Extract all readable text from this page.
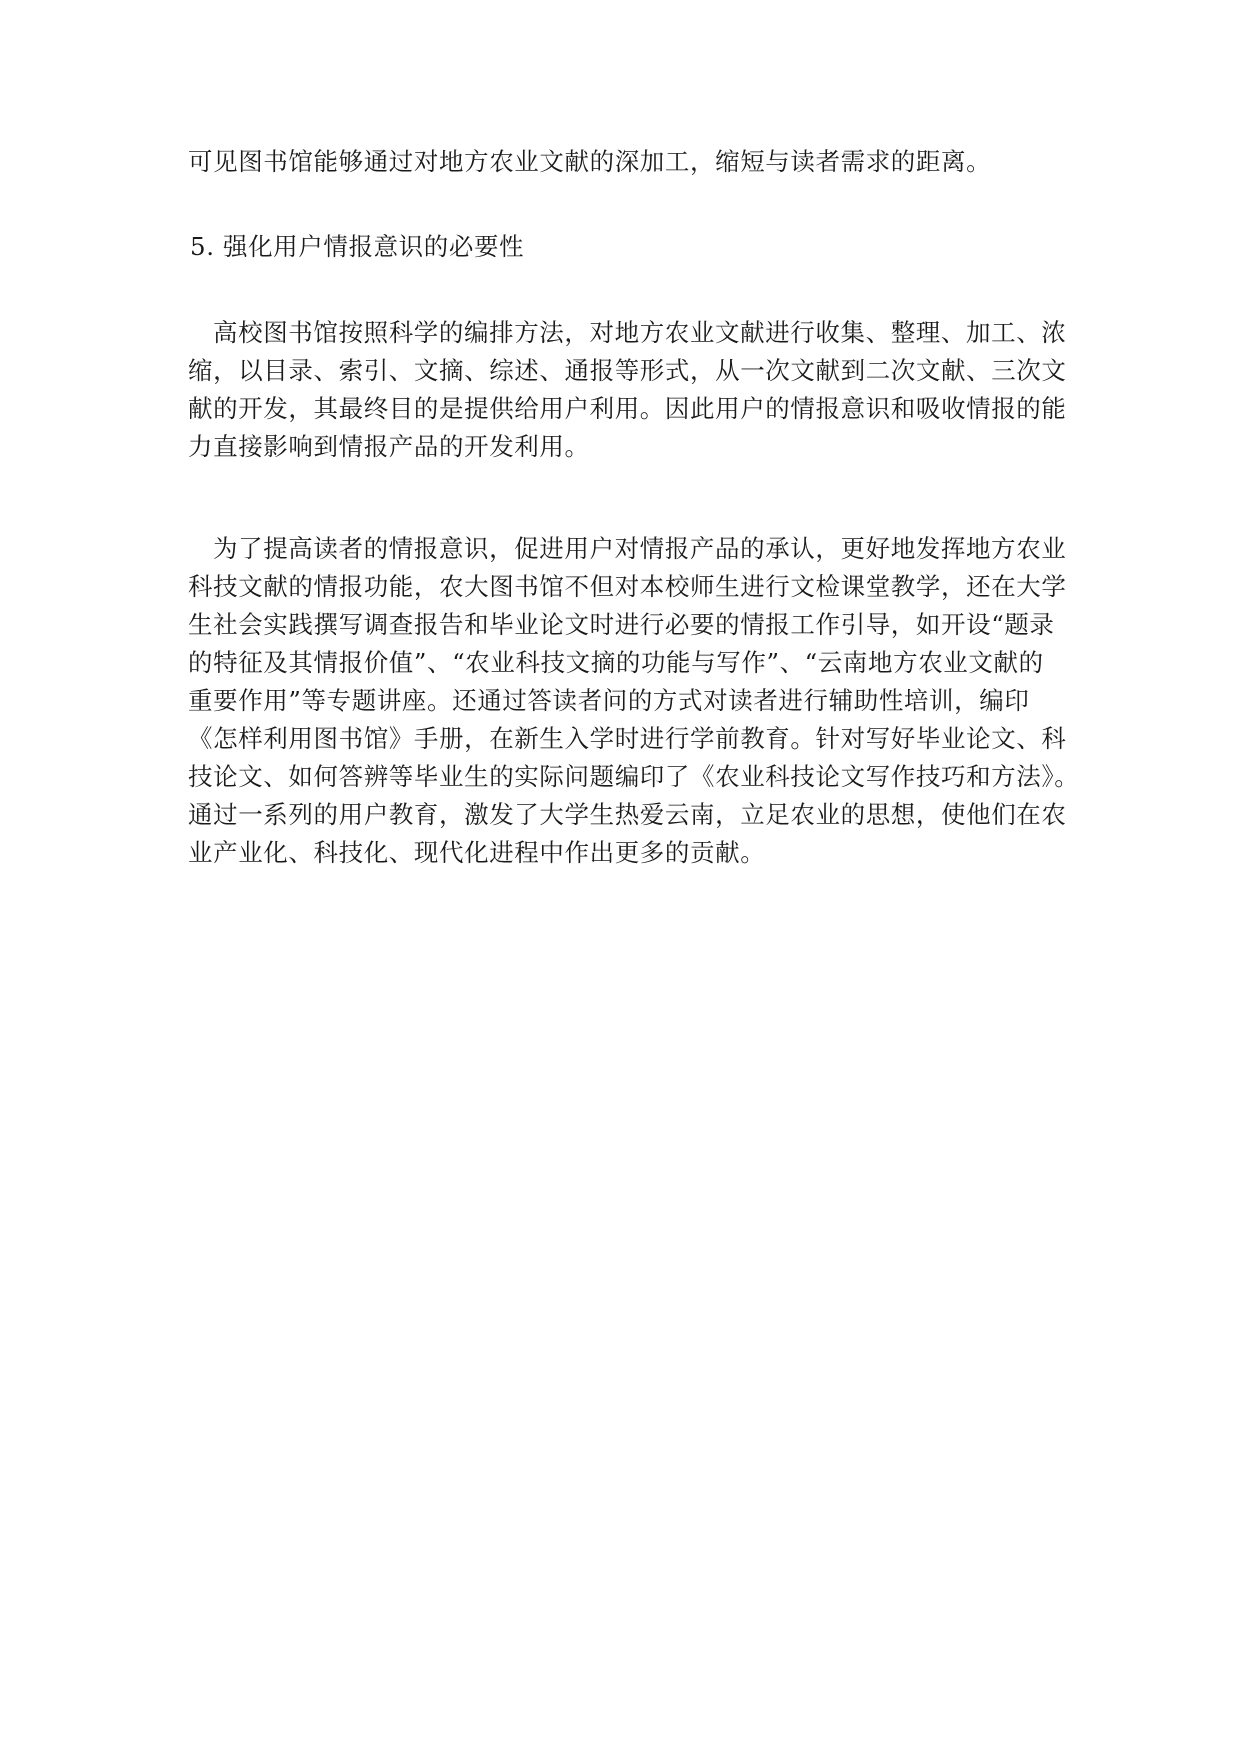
可见图书馆能够通过对地方农业文献的深加工，缩短与读者需求的距离。
5. 强化用户情报意识的必要性
高校图书馆按照科学的编排方法，对地方农业文献进行收集、整理、加工、浓
缩，以目录、索引、文摘、综述、通报等形式，从一次文献到二次文献、三次文
献的开发，其最终目的是提供给用户利用。因此用户的情报意识和吸收情报的能
力直接影响到情报产品的开发利用。
为了提高读者的情报意识，促进用户对情报产品的承认，更好地发挥地方农业
科技文献的情报功能，农大图书馆不但对本校师生进行文检课堂教学，还在大学
生社会实践撰写调查报告和毕业论文时进行必要的情报工作引导，如开设“题录
的特征及其情报价值”、“农业科技文摘的功能与写作”、“云南地方农业文献的
重要作用”等专题讲座。还通过答读者问的方式对读者进行辅助性培训，编印
《怎样利用图书馆》手册，在新生入学时进行学前教育。针对写好毕业论文、科
技论文、如何答辨等毕业生的实际问题编印了《农业科技论文写作技巧和方法》。
通过一系列的用户教育，激发了大学生热爱云南，立足农业的思想，使他们在农
业产业化、科技化、现代化进程中作出更多的贡献。
